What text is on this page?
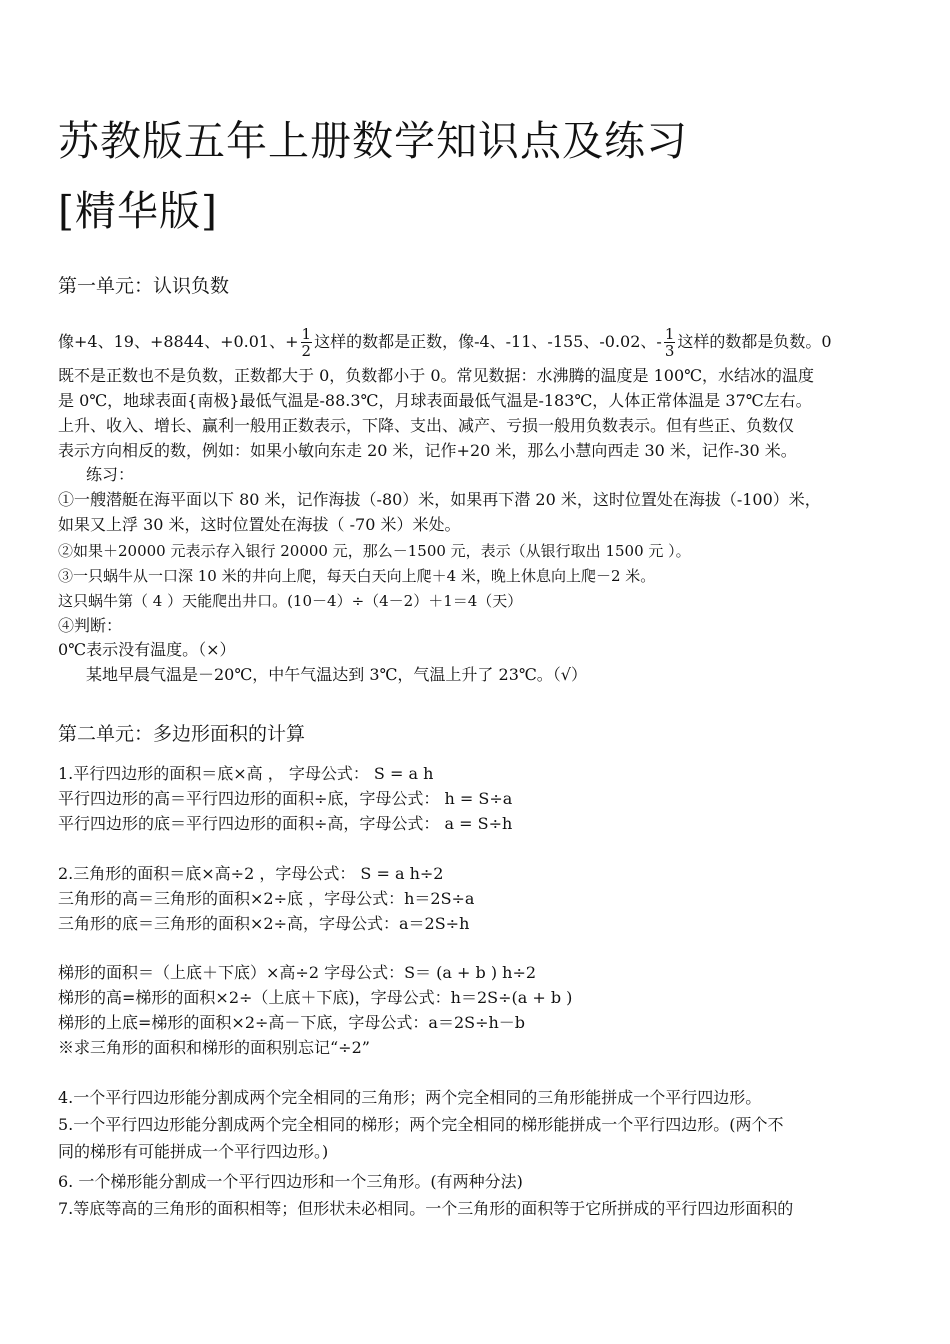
苏教版五年上册数学知识点及练习
[精华版]
第一单元：认识负数
像+4、19、+8844、+0.01、+ $\frac{1}{2}$ 这样的数都是正数，像-4、-11、-155、-0.02、- $\frac{1}{3}$ 这样的数都是负数。0
既不是正数也不是负数，正数都大于 0，负数都小于 0。常见数据：水沸腾的温度是 100℃，水结冰的温度
是 0℃，地球表面{南极}最低气温是-88.3℃，月球表面最低气温是-183℃，人体正常体温是 37℃左右。
上升、收入、增长、赢利一般用正数表示，下降、支出、减产、亏损一般用负数表示。但有些正、负数仅
表示方向相反的数，例如：如果小敏向东走 20 米，记作+20 米，那么小慧向西走 30 米，记作-30 米。
练习：
①一艘潜艇在海平面以下 80 米，记作海拔（-80）米，如果再下潜 20 米，这时位置处在海拔（-100）米，
如果又上浮 30 米，这时位置处在海拔（ -70 米）米处。
②如果＋20000 元表示存入银行 20000 元，那么－1500 元，表示（从银行取出 1500 元 ）。
③一只蜗牛从一口深 10 米的井向上爬，每天白天向上爬＋4 米，晚上休息向上爬－2 米。
这只蜗牛第（ 4 ）天能爬出井口。(10－4）÷（4－2）＋1＝4（天）
④判断：
0℃表示没有温度。（×）
某地早晨气温是－20℃，中午气温达到 3℃，气温上升了 23℃。（√）
第二单元：多边形面积的计算
1.平行四边形的面积＝底×高 ， 字母公式： S = a h
平行四边形的高＝平行四边形的面积÷底，字母公式： h = S÷a
平行四边形的底＝平行四边形的面积÷高，字母公式： a = S÷h
2.三角形的面积＝底×高÷2 ，字母公式： S = a h÷2
三角形的高＝三角形的面积×2÷底 ，字母公式：h＝2S÷a
三角形的底＝三角形的面积×2÷高，字母公式：a＝2S÷h
梯形的面积＝（上底＋下底）×高÷2 字母公式：S＝ (a + b ) h÷2
梯形的高=梯形的面积×2÷（上底＋下底)，字母公式：h＝2S÷(a + b )
梯形的上底=梯形的面积×2÷高－下底，字母公式：a＝2S÷h－b
※求三角形的面积和梯形的面积别忘记“÷2”
4.一个平行四边形能分割成两个完全相同的三角形；两个完全相同的三角形能拼成一个平行四边形。
5.一个平行四边形能分割成两个完全相同的梯形；两个完全相同的梯形能拼成一个平行四边形。(两个不
同的梯形有可能拼成一个平行四边形。)
6. 一个梯形能分割成一个平行四边形和一个三角形。(有两种分法)
7.等底等高的三角形的面积相等；但形状未必相同。一个三角形的面积等于它所拼成的平行四边形面积的
